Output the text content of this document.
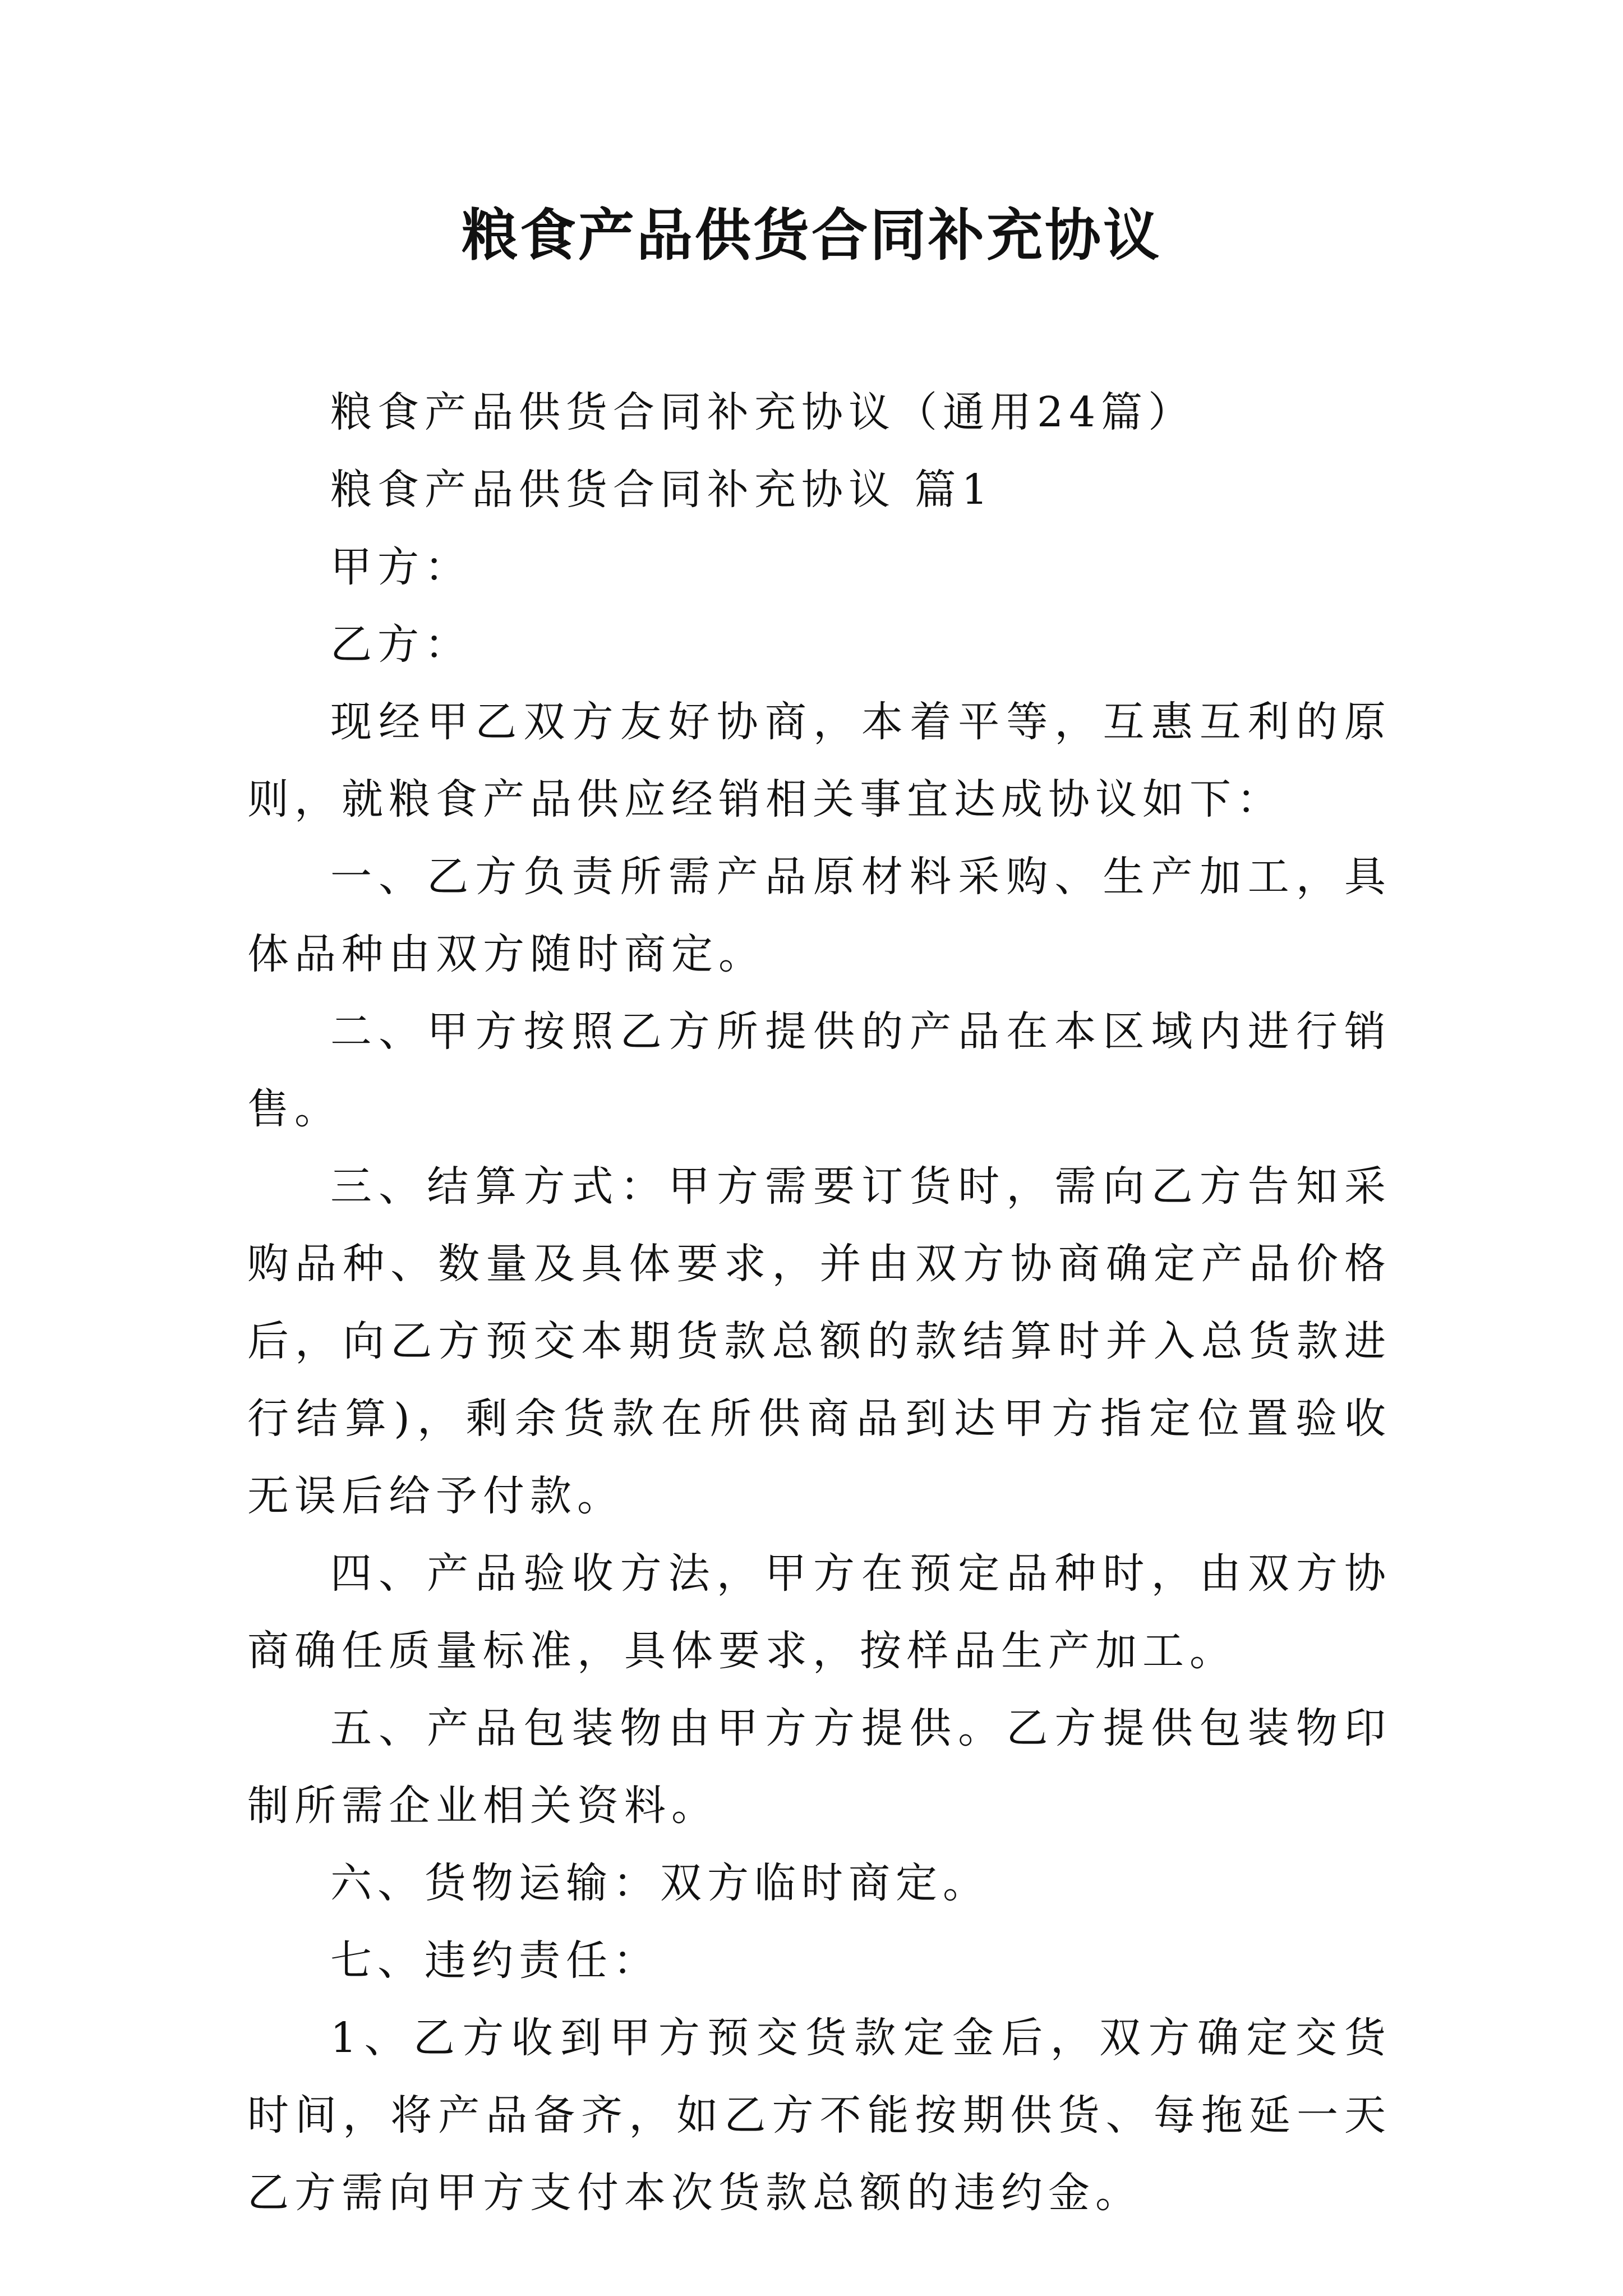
粮食产品供货合同补充协议

粮食产品供货合同补充协议（通用24篇）

粮食产品供货合同补充协议 篇1

甲方：

乙方：

现经甲乙双方友好协商，本着平等，互惠互利的原则，就粮食产品供应经销相关事宜达成协议如下：

一、乙方负责所需产品原材料采购、生产加工，具体品种由双方随时商定。

二、甲方按照乙方所提供的产品在本区域内进行销售。

三、结算方式：甲方需要订货时，需向乙方告知采购品种、数量及具体要求，并由双方协商确定产品价格后，向乙方预交本期货款总额的款结算时并入总货款进行结算)，剩余货款在所供商品到达甲方指定位置验收无误后给予付款。

四、产品验收方法，甲方在预定品种时，由双方协商确任质量标准，具体要求，按样品生产加工。

五、产品包装物由甲方方提供。乙方提供包装物印制所需企业相关资料。

六、货物运输：双方临时商定。

七、违约责任：

1、乙方收到甲方预交货款定金后，双方确定交货时间，将产品备齐，如乙方不能按期供货、每拖延一天乙方需向甲方支付本次货款总额的违约金。
